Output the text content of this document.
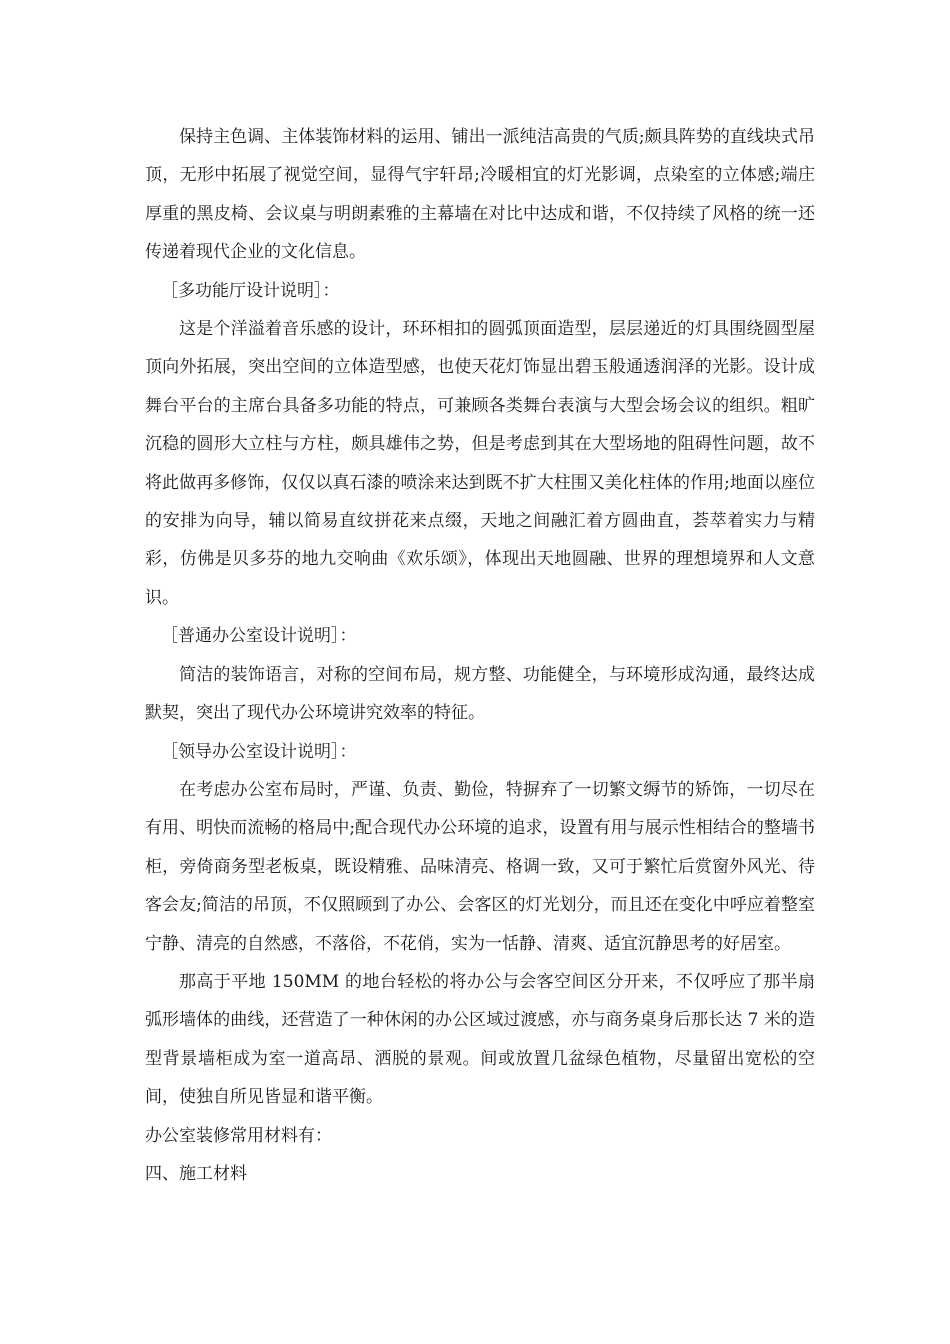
保持主色调、主体装饰材料的运用、铺出一派纯洁高贵的气质;颇具阵势的直线块式吊顶，无形中拓展了视觉空间，显得气宇轩昂;冷暖相宜的灯光影调，点染室的立体感;端庄厚重的黑皮椅、会议桌与明朗素雅的主幕墙在对比中达成和谐，不仅持续了风格的统一还传递着现代企业的文化信息。

［多功能厅设计说明］：

这是个洋溢着音乐感的设计，环环相扣的圆弧顶面造型，层层递近的灯具围绕圆型屋顶向外拓展，突出空间的立体造型感，也使天花灯饰显出碧玉般通透润泽的光影。设计成舞台平台的主席台具备多功能的特点，可兼顾各类舞台表演与大型会场会议的组织。粗旷沉稳的圆形大立柱与方柱，颇具雄伟之势，但是考虑到其在大型场地的阻碍性问题，故不将此做再多修饰，仅仅以真石漆的喷涂来达到既不扩大柱围又美化柱体的作用;地面以座位的安排为向导，辅以简易直纹拼花来点缀，天地之间融汇着方圆曲直，荟萃着实力与精彩，仿佛是贝多芬的地九交响曲《欢乐颂》，体现出天地圆融、世界的理想境界和人文意识。

［普通办公室设计说明］：

简洁的装饰语言，对称的空间布局，规方整、功能健全，与环境形成沟通，最终达成默契，突出了现代办公环境讲究效率的特征。

［领导办公室设计说明］：

在考虑办公室布局时，严谨、负责、勤俭，特摒弃了一切繁文缛节的矫饰，一切尽在有用、明快而流畅的格局中;配合现代办公环境的追求，设置有用与展示性相结合的整墙书柜，旁倚商务型老板桌，既设精雅、品味清亮、格调一致，又可于繁忙后赏窗外风光、待客会友;简洁的吊顶，不仅照顾到了办公、会客区的灯光划分，而且还在变化中呼应着整室宁静、清亮的自然感，不落俗，不花俏，实为一恬静、清爽、适宜沉静思考的好居室。

那高于平地 150MM 的地台轻松的将办公与会客空间区分开来，不仅呼应了那半扇弧形墙体的曲线，还营造了一种休闲的办公区域过渡感，亦与商务桌身后那长达 7 米的造型背景墙柜成为室一道高昂、洒脱的景观。间或放置几盆绿色植物，尽量留出宽松的空间，使独自所见皆显和谐平衡。

办公室装修常用材料有：

四、施工材料
